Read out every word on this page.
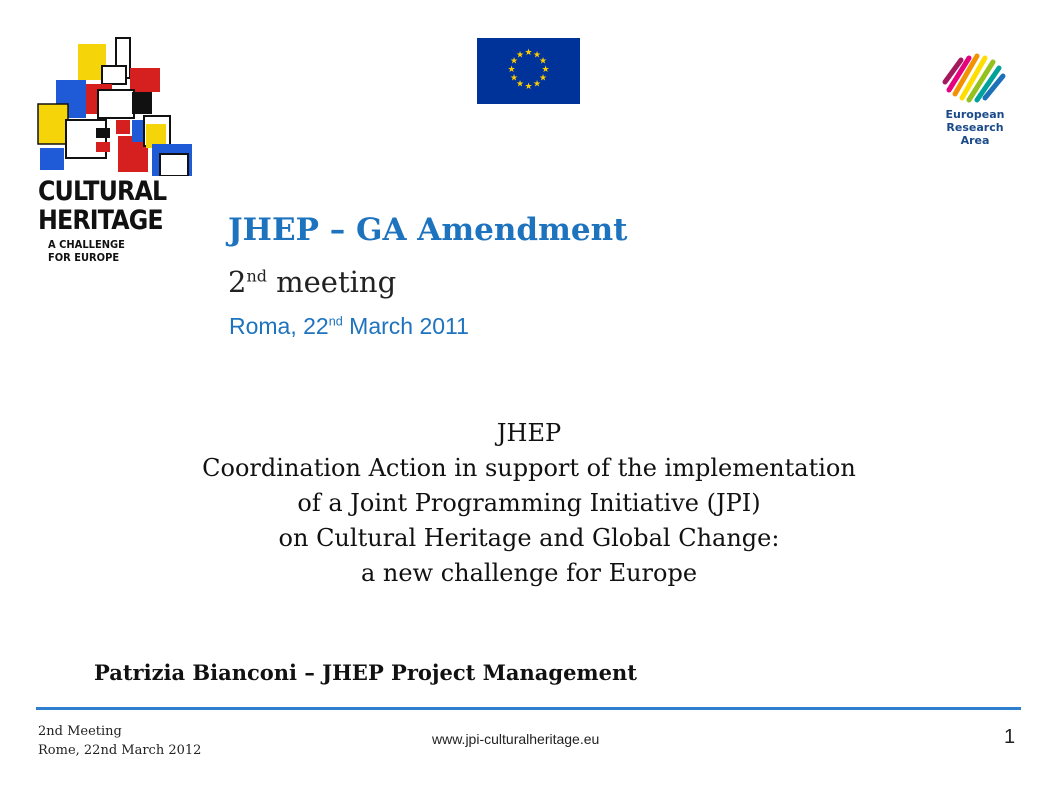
CULTURAL
HERITAGE
A CHALLENGE
FOR EUROPE
★ ★
★
★
★
★
★
★
★
★
★
★
European
Research Area
JHEP – GA Amendment
2nd meeting
Roma, 22nd March 2011
JHEP
Coordination Action in support of the implementation
of a Joint Programming Initiative (JPI)
on Cultural Heritage and Global Change:
a new challenge for Europe
Patrizia Bianconi – JHEP Project Management
2nd Meeting
Rome, 22nd March 2012
www.jpi-culturalheritage.eu	1
